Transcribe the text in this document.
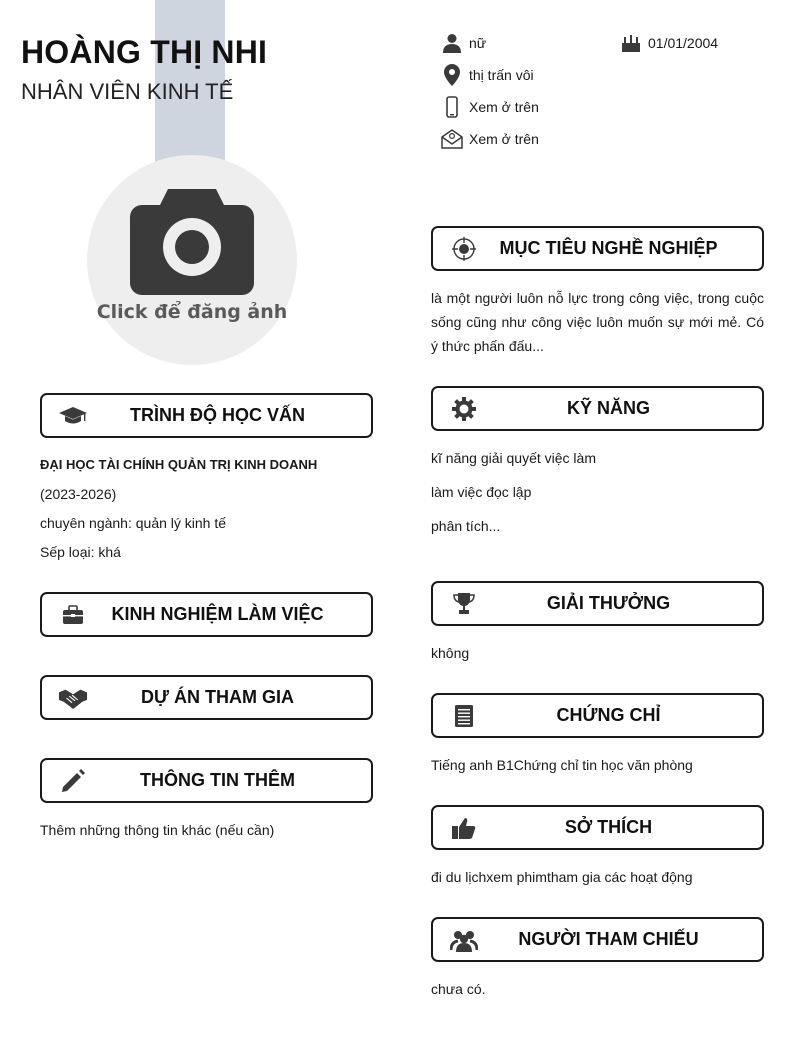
HOÀNG THỊ NHI
NHÂN VIÊN KINH TẾ
Click để đăng ảnh
nữ	01/01/2004
thị trấn vôi
Xem ở trên
Xem ở trên
TRÌNH ĐỘ HỌC VẤN
ĐẠI HỌC TÀI CHÍNH QUẢN TRỊ KINH DOANH
(2023-2026)
chuyên ngành: quản lý kinh tế
Sếp loại: khá
KINH NGHIỆM LÀM VIỆC
DỰ ÁN THAM GIA
THÔNG TIN THÊM
Thêm những thông tin khác (nếu cần)
MỤC TIÊU NGHỀ NGHIỆP
là một người luôn nỗ lực trong công việc, trong cuộc sống cũng như công việc luôn muốn sự mới mẻ. Có ý thức phấn đấu...
KỸ NĂNG
kĩ năng giải quyết việc làm
làm việc đọc lập
phân tích...
GIẢI THƯỞNG
không
CHỨNG CHỈ
Tiếng anh B1Chứng chỉ tin học văn phòng
SỞ THÍCH
đi du lịchxem phimtham gia các hoạt động
NGƯỜI THAM CHIẾU
chưa có.
